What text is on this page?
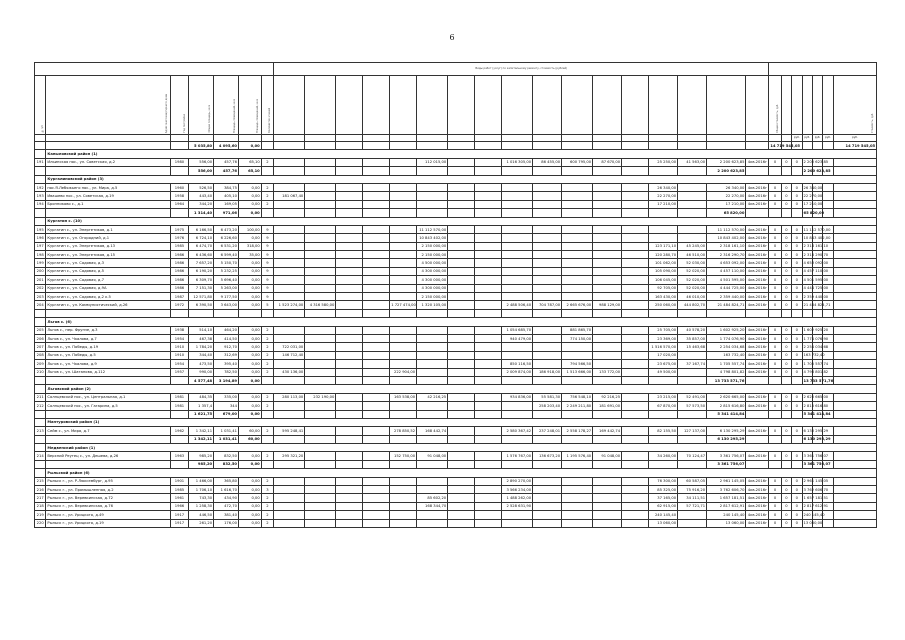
6
							Виды работ (услуг) по капитальному ремонту, стоимость (рублей)																							
№ п/п	Адрес многоквартирного дома	Год постройки	Общая площадь, кв.м	Площадь помещений, кв.м	Площадь помещений, кв.м	Количество этажей																		Общая стоимость, руб.						Стоимость, руб.
																										руб.	руб.	руб.	руб.	руб.
			5 035,80	4 095,60	0,00																			14 719 545,05						14 719 545,05
	Капыловский район (1)																													
191	Ильинская пос., ул. Советская, д.2	1980	556,00	457,76	65,10	2						112 015,00			1 016 305,00	86 455,00	600 795,00	87 670,00		25 250,00	41 563,00	2 200 623,85	4кв.2016г	0	0	0	2 200 623,85			
			556,00	457,76	65,10																	2 200 623,85					2 200 623,85			
	Кургалиновский район (3)																													
192	пос.Я.Лебяжьего пос., ул. Мира, д.5	1960	526,50	384,75	0,00	2														26 340,00		26 340,00	4кв.2016г	0	0	0	26 340,00			
193	Ивашево пос., ул. Советская, д.19	1958	443,40	405,10	0,00	2	181 067,40													22 270,00		22 270,00	4кв.2016г	0	0	0	22 270,00			
194	Бронниково с., д.1	1964	344,20	169,05	0,00	2														17 210,00		17 210,00	4кв.2016г	0	0	0	17 210,00			
			1 314,40	971,06	0,00																	65 820,00					65 820,00			
	Кургатин с. (10)																													
195	Кургатин с., ул. Энергетиков, д.1	1975	6 166,50	6 473,20	100,00	9						11 112 570,00										11 112 570,00	4кв.2016г	0	0	0	11 112 570,00			
196	Кургатин с., ул. Огородний, д.1	1976	6 724,10	6 226,60	0,00	9						10 843 402,00										10 843 402,00	4кв.2016г	0	0	0	10 843 402,00			
197	Кургатин с., ул. Энергетиков, д.13	1985	6 474,70	6 531,20	318,00	9						2 150 000,00								123 171,10	45 245,00	2 318 161,10	4кв.2016г	0	0	0	2 318 161,10			
198	Кургатин с., ул. Энергетиков, д.15	1986	6 436,60	6 599,40	35,00	9						2 150 000,00								120 280,70	46 510,00	2 316 290,70	4кв.2016г	0	0	0	2 316 290,70			
199	Кургатин с., ул. Садовая, д.3	1986	7 657,20	5 150,70	0,00	9						4 500 000,00								101 062,00	52 030,00	4 653 092,00	4кв.2016г	0	0	0	4 653 092,00			
200	Кургатин с., ул. Садовая, д.5	1986	6 190,20	5 232,25	0,00	9						4 300 000,00								105 090,00	52 020,00	4 457 110,00	4кв.2016г	0	0	0	4 457 110,00			
201	Кургатин с., ул. Садовая, д.7	1986	6 309,70	5 696,40	0,00	9						4 300 000,00								106 045,00	52 020,00	4 501 595,00	4кв.2016г	0	0	0	4 501 595,00			
202	Кургатин с., ул. Садовая, д.9А	1986	7 151,30	5 263,00	0,00	9						4 300 000,00								92 705,00	52 020,00	4 444 725,00	4кв.2016г	0	0	0	4 444 725,00			
203	Кургатин с., ул. Садовая, д.2 к.5	1987	12 571,80	9 177,50	0,00	9						2 150 000,00								163 430,00	46 010,00	2 359 440,00	4кв.2016г	0	0	0	2 359 440,00			
204	Кургатин с., ул. Коммунистический, д.26	1972	6 390,50	3 643,00	0,00	5	1 523 274,00	4 316 580,00			1 727 474,00	1 320 105,00			2 488 506,40	704 787,00	2 665 676,00	988 129,00		250 060,00	444 802,70	21 484 824,71	4кв.2016г	0	0	0	21 484 824,71			

	Льгов с. (6)																													
205	Льгов с., пер. Фрунзе, д.3	1938	514,10	464,20	0,00	2									1 054 685,70		881 865,70			25 705,00	40 578,20	1 602 925,20	4кв.2016г	0	0	0	1 602 925,20			
206	Льгов с., ул. Чкалова, д.7	1954	467,38	414,50	0,00	2									940 479,00		774 150,00			23 369,00	35 857,00	1 774 076,90	4кв.2016г	0	0	0	1 774 076,90			
207	Льгов с., ул. Победы, д.19	1910	1 784,20	912,70	0,00	2	722 031,00													1 516 570,00	15 463,68	2 254 034,68	4кв.2016г	0	0	0	2 254 034,68			
208	Льгов с., ул. Победы, д.5	1910	344,40	312,69	0,00	2	146 712,40													17 020,00		163 732,40	4кв.2016г	0	0	0	163 732,40			
209	Льгов с., ул. Чкалова, д.9	1954	473,50	395,40	0,00	2									850 116,50		794 566,50			23 675,00	37 167,74	1 705 557,74	4кв.2016г	0	0	0	1 705 557,74			
210	Льгов с., ул. Шатанова, д.112	1957	990,00	782,50	0,00	2	430 136,00				222 904,00				2 009 874,00	186 918,00	1 513 666,00	133 772,00		49 500,00		4 798 801,82	4кв.2016г	0	0	0	4 798 801,82			
			4 577,48	3 194,89	0,00																	13 733 571,76					13 733 571,76			
	Льговский район (2)																													
211	Солнцевский пос., ул. Центральная, д.1	1981	484,35	335,00	0,00	2	280 113,00	232 190,00			163 538,00	42 216,25			934 836,00	55 581,30	756 548,10	92 216,25		23 215,00	52 491,00	2 620 665,00	4кв.2016г	0	0	0	2 620 665,00			
212	Солнцевский пос., ул. Гагарина, д.5	1981	1 357,4	344	0,00	2										258 203,40	2 249 211,80	181 691,00		67 870,00	57 573,50	2 815 616,80	4кв.2016г	0	0	0	2 815 616,80			
			1 621,75	679,00	0,00																	5 341 414,84					5 341 414,84			
	Мантуровский район (1)																													
213	Сейм с., ул. Мира, д.7	1962	1 342,11	1 031,41	60,00	2	595 248,41				278 850,52	168 442,74			2 580 367,42	237 248,01	2 558 178,27	169 442,74		82 155,50	127 137,00	6 130 295,29	4кв.2016г	0	0	0	6 130 295,29			
			1 342,11	1 031,41	60,00																	6 130 295,29					6 130 295,29			
	Медвенский район (1)																													
214	Верхний Реутец с., ул. Дешева, д.26	1963	985,20	832,50	0,00	2	295 321,20				152 750,00	91 048,00			1 576 767,00	136 673,20	1 195 576,40	91 048,00		34 260,00	70 124,47	3 361 756,07	4кв.2016г	0	0	0	3 361 756,07			
			985,20	832,50	0,00																	3 361 756,07					3 361 756,07			
	Рыльский район (6)																													
215	Рыльск г., ул. Р.Люксембург, д.95	1901	1 466,00	365,80	0,00	2									2 890 270,00					76 300,00	60 587,05	2 961 145,05	4кв.2016г	0	0	0	2 961 145,05			
216	Рыльск г., ул. Промышленная, д.2	1985	1 706,10	1 616,70	0,00	3									3 566 234,00					85 325,00	75 916,20	3 762 606,70	4кв.2016г	0	0	0	3 762 606,70			
217	Рыльск г., ул. Веревкинская, д.72	1961	743,30	434,90	0,00	2						85 602,20			1 488 262,00					37 165,00	34 111,51	1 657 181,51	4кв.2016г	0	0	0	1 657 181,51			
218	Рыльск г., ул. Веревкинская, д.76	1966	1 258,30	472,70	0,00	2						168 344,70			2 528 631,90					62 915,00	57 721,71	2 817 612,91	4кв.2016г	0	0	0	2 817 612,91			
219	Рыльск г., ул. Урицкого, д.49	1917	446,50	381,40	0,00	2														240 145,40		240 145,40	4кв.2016г	0	0	0	240 145,40			
220	Рыльск г., ул. Урицкого, д.19	1917	261,20	176,00	0,00	2														13 060,00		13 060,00	4кв.2016г	0	0	0	13 060,00			
